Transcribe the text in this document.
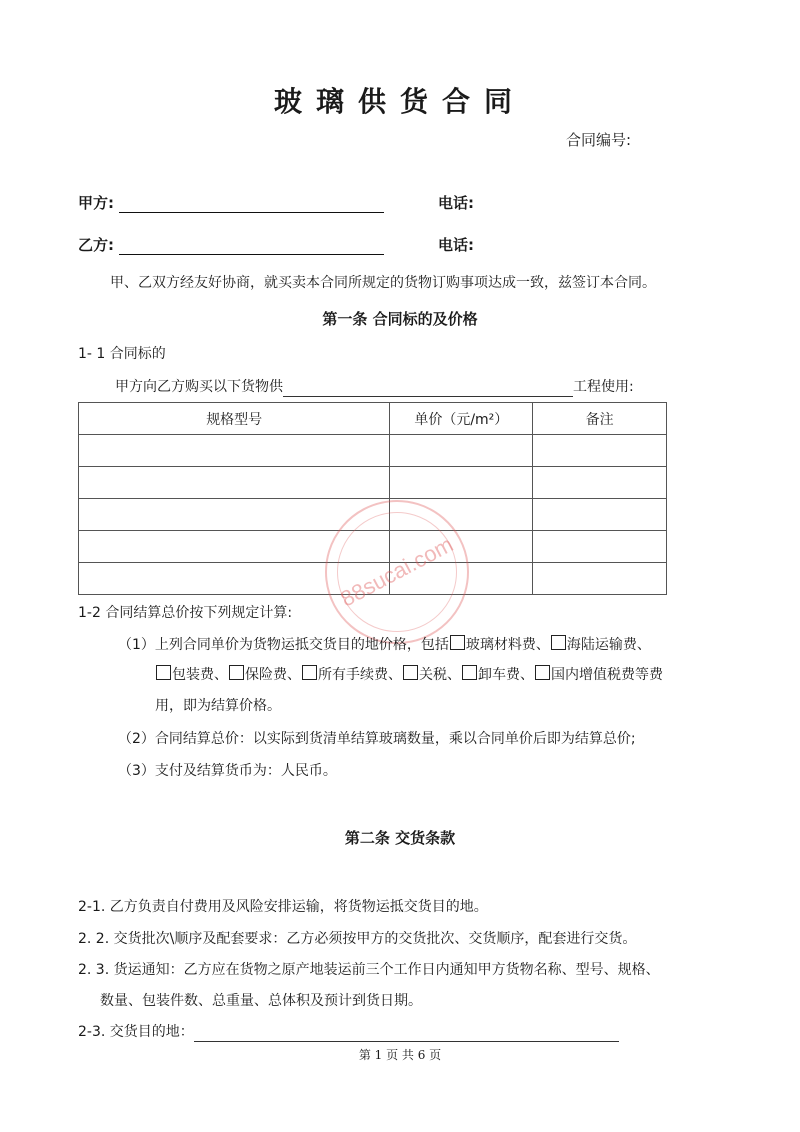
玻璃供货合同
合同编号:
甲方:	电话:
乙方:	电话:
甲、乙双方经友好协商，就买卖本合同所规定的货物订购事项达成一致，兹签订本合同。
第一条 合同标的及价格
1- 1 合同标的
甲方向乙方购买以下货物供	工程使用:
规格型号	单价（元/m²）	备注

88sucai.com
1-2 合同结算总价按下列规定计算:
（1）上列合同单价为货物运抵交货目的地价格，包括 玻璃材料费、 海陆运输费、
包装费、 保险费、 所有手续费、 关税、 卸车费、 国内增值税费等费
用，即为结算价格。
（2）合同结算总价：以实际到货清单结算玻璃数量，乘以合同单价后即为结算总价;
（3）支付及结算货币为：人民币。
第二条 交货条款
2-1. 乙方负责自付费用及风险安排运输，将货物运抵交货目的地。
2. 2. 交货批次\顺序及配套要求：乙方必须按甲方的交货批次、交货顺序，配套进行交货。
2. 3. 货运通知：乙方应在货物之原产地装运前三个工作日内通知甲方货物名称、型号、规格、
数量、包装件数、总重量、总体积及预计到货日期。
2-3. 交货目的地：
第 1 页 共 6 页
